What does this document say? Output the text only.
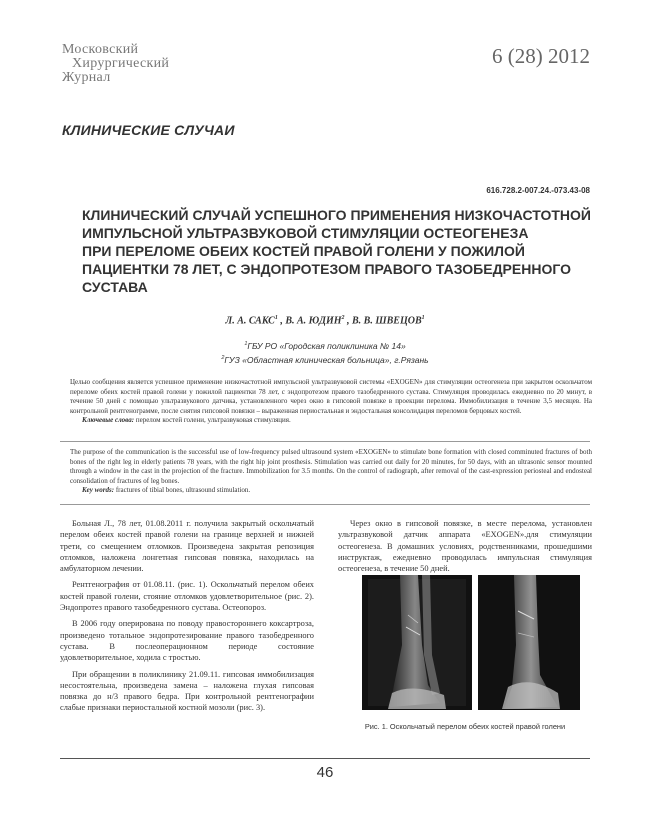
Московский
Хирургический
Журнал
6 (28) 2012
КЛИНИЧЕСКИЕ СЛУЧАИ
616.728.2-007.24.-073.43-08
КЛИНИЧЕСКИЙ СЛУЧАЙ УСПЕШНОГО ПРИМЕНЕНИЯ НИЗКОЧАСТОТНОЙ
ИМПУЛЬСНОЙ УЛЬТРАЗВУКОВОЙ СТИМУЛЯЦИИ ОСТЕОГЕНЕЗА
ПРИ ПЕРЕЛОМЕ ОБЕИХ КОСТЕЙ ПРАВОЙ ГОЛЕНИ У ПОЖИЛОЙ
ПАЦИЕНТКИ 78 ЛЕТ, С ЭНДОПРОТЕЗОМ ПРАВОГО ТАЗОБЕДРЕННОГО
СУСТАВА
Л. А. САКС$^1$ , В. А. ЮДИН$^2$ , В. В. ШВЕЦОВ$^1$
$^1$ГБУ РО «Городская поликлиника № 14»
$^2$ГУЗ «Областная клиническая больница», г.Рязань
Целью сообщения является успешное применение низкочастотной импульсной ультразвуковой системы «EXOGEN» для стимуляции остеогенеза при закрытом оскольчатом переломе обеих костей правой голени у пожилой пациентки 78 лет, с эндопротезом правого тазобедренного сустава. Стимуляция проводилась ежедневно по 20 минут, в течение 50 дней с помощью ультразвукового датчика, установленного через окно в гипсовой повязке в проекции перелома. Иммобилизация в течение 3,5 месяцев. На контрольной рентгенограмме, после снятия гипсовой повязки – выраженная периостальная и эндостальная консолидация переломов берцовых костей.
Ключевые слова: перелом костей голени, ультразвуковая стимуляция.
The purpose of the communication is the successful use of low-frequency pulsed ultrasound system «EXOGEN» to stimulate bone formation with closed comminuted fractures of both bones of the right leg in elderly patients 78 years, with the right hip joint prosthesis. Stimulation was carried out daily for 20 minutes, for 50 days, with an ultrasonic sensor mounted through a window in the cast in the projection of the fracture. Immobilization for 3.5 months. On the control of radiograph, after removal of the cast-expression periosteal and endosteal consolidation of fractures of leg bones.
Key words: fractures of tibial bones, ultrasound stimulation.

Больная Л., 78 лет, 01.08.2011 г. получила закрытый оскольчатый перелом обеих костей правой голени на границе верхней и нижней трети, со смещением отломков. Произведена закрытая репозиция отломков, наложена лонгетная гипсовая повязка, находилась на амбулаторном лечении.

Рентгенография от 01.08.11. (рис. 1). Оскольчатый перелом обеих костей правой голени, стояние отломков удовлетворительное (рис. 2). Эндопротез правого тазобедренного сустава. Остеопороз.

В 2006 году оперирована по поводу правостороннего коксартроза, произведено тотальное эндопротезирование правого тазобедренного сустава. В послеоперационном периоде состояние удовлетворительное, ходила с тростью.

При обращении в поликлинику 21.09.11. гипсовая иммобилизация несостоятельна, произведена замена – наложена глухая гипсовая повязка до н/3 правого бедра. При контрольной рентгенографии слабые признаки периостальной костной мозоли (рис. 3).

Через окно в гипсовой повязке, в месте перелома, установлен ультразвуковой датчик аппарата «EXOGEN».для стимуляции остеогенеза. В домашних условиях, родственниками, прошедшими инструктаж, ежедневно проводилась импульсная стимуляция остеогенеза, в течение 50 дней.

Рис. 1. Оскольчатый перелом обеих костей правой голени
46
